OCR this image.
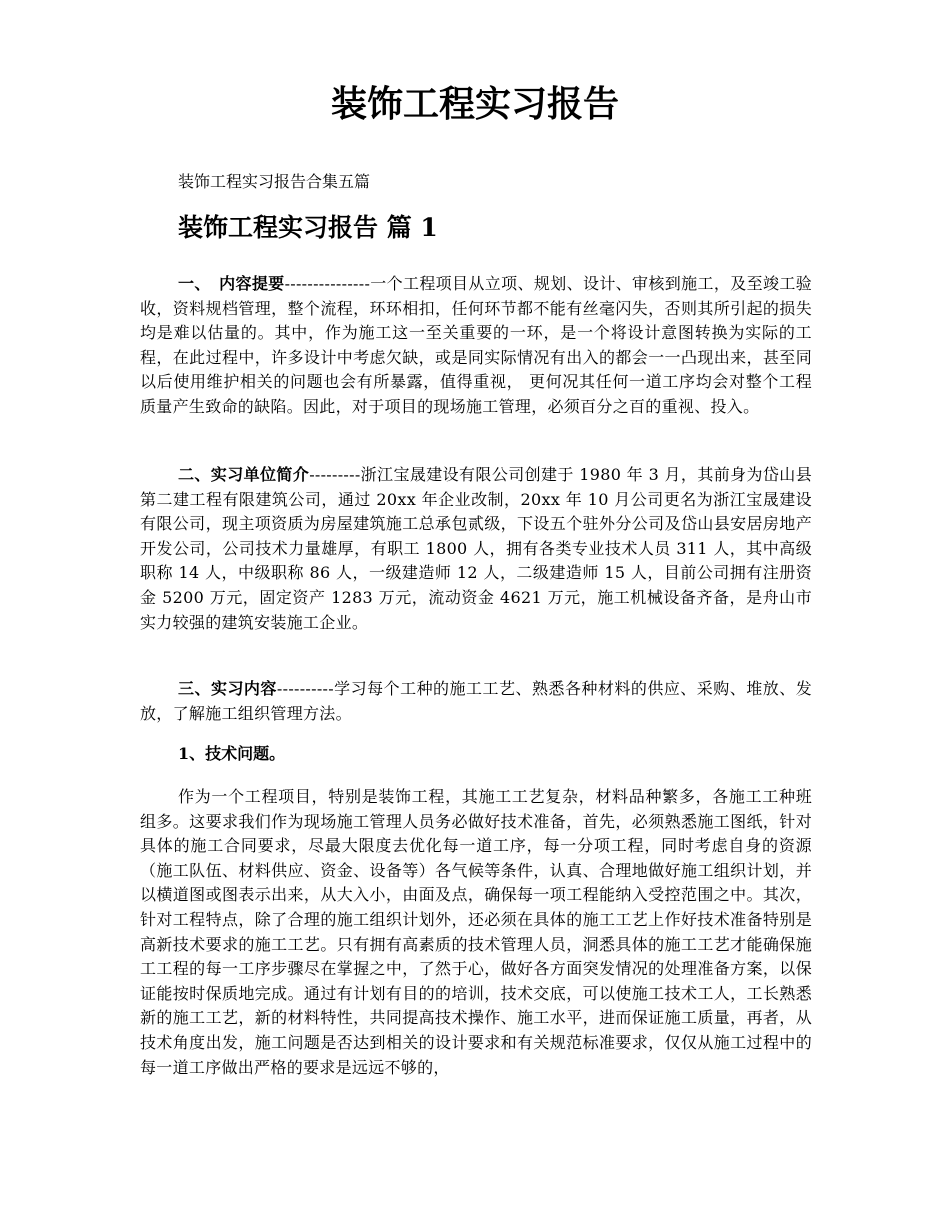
装饰工程实习报告
装饰工程实习报告合集五篇
装饰工程实习报告 篇 1

一、　内容提要---------------一个工程项目从立项、规划、设计、审核到施工，及至竣工验收，资料规档管理，整个流程，环环相扣，任何环节都不能有丝毫闪失，否则其所引起的损失均是难以估量的。其中，作为施工这一至关重要的一环，是一个将设计意图转换为实际的工程，在此过程中，许多设计中考虑欠缺，或是同实际情况有出入的都会一一凸现出来，甚至同以后使用维护相关的问题也会有所暴露，值得重视， 更何况其任何一道工序均会对整个工程质量产生致命的缺陷。因此，对于项目的现场施工管理，必须百分之百的重视、投入。

二、实习单位简介---------浙江宝晟建设有限公司创建于 1980 年 3 月，其前身为岱山县第二建工程有限建筑公司，通过 20xx 年企业改制，20xx 年 10 月公司更名为浙江宝晟建设有限公司，现主项资质为房屋建筑施工总承包贰级，下设五个驻外分公司及岱山县安居房地产开发公司，公司技术力量雄厚，有职工 1800 人，拥有各类专业技术人员 311 人，其中高级职称 14 人，中级职称 86 人，一级建造师 12 人，二级建造师 15 人，目前公司拥有注册资金 5200 万元，固定资产 1283 万元，流动资金 4621 万元，施工机械设备齐备，是舟山市实力较强的建筑安装施工企业。

三、实习内容----------学习每个工种的施工工艺、熟悉各种材料的供应、采购、堆放、发放，了解施工组织管理方法。

1、技术问题。

作为一个工程项目，特别是装饰工程，其施工工艺复杂，材料品种繁多，各施工工种班组多。这要求我们作为现场施工管理人员务必做好技术准备，首先，必须熟悉施工图纸，针对具体的施工合同要求，尽最大限度去优化每一道工序，每一分项工程，同时考虑自身的资源（施工队伍、材料供应、资金、设备等）各气候等条件，认真、合理地做好施工组织计划，并以横道图或图表示出来，从大入小，由面及点，确保每一项工程能纳入受控范围之中。其次，针对工程特点，除了合理的施工组织计划外，还必须在具体的施工工艺上作好技术准备特别是高新技术要求的施工工艺。只有拥有高素质的技术管理人员，洞悉具体的施工工艺才能确保施工工程的每一工序步骤尽在掌握之中，了然于心，做好各方面突发情况的处理准备方案，以保证能按时保质地完成。通过有计划有目的的培训，技术交底，可以使施工技术工人，工长熟悉新的施工工艺，新的材料特性，共同提高技术操作、施工水平，进而保证施工质量，再者，从技术角度出发，施工问题是否达到相关的设计要求和有关规范标准要求，仅仅从施工过程中的每一道工序做出严格的要求是远远不够的，
